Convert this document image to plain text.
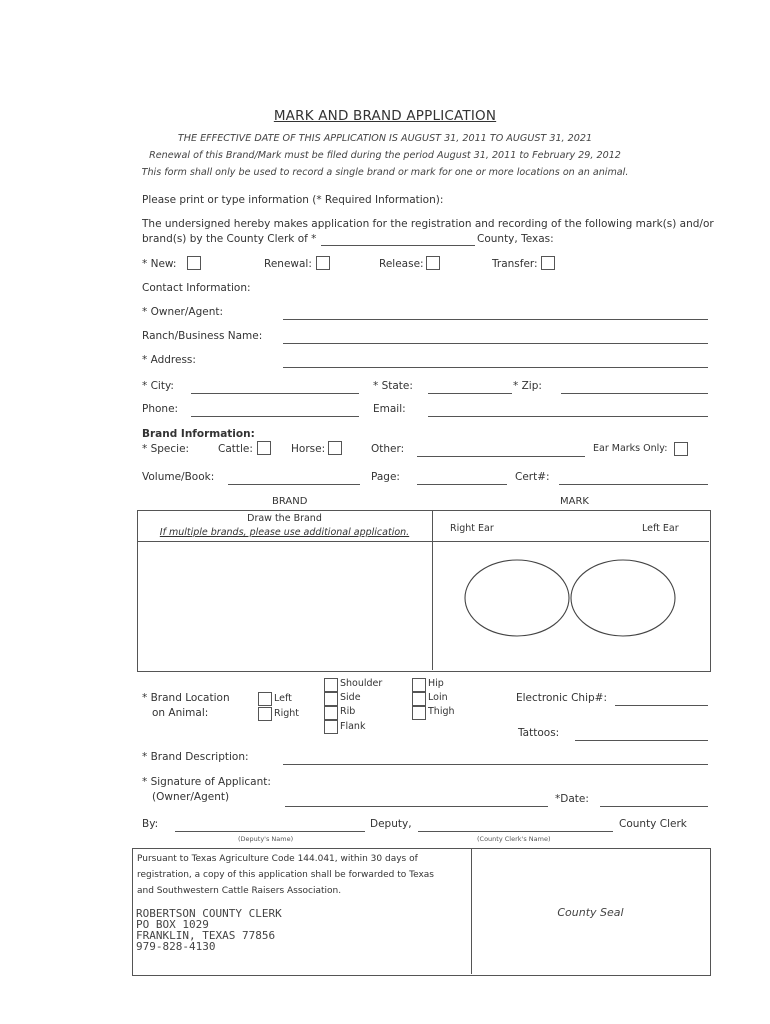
MARK AND BRAND APPLICATION
THE EFFECTIVE DATE OF THIS APPLICATION IS AUGUST 31, 2011 TO AUGUST 31, 2021
Renewal of this Brand/Mark must be filed during the period August 31, 2011 to February 29, 2012
This form shall only be used to record a single brand or mark for one or more locations on an animal.
Please print or type information (* Required Information):
The undersigned hereby makes application for the registration and recording of the following mark(s) and/or
brand(s) by the County Clerk of *	County, Texas:
* New:	Renewal:	Release:	Transfer:
Contact Information:
* Owner/Agent:
Ranch/Business Name:
* Address:
* City:	* State:	* Zip:
Phone:	Email:
Brand Information:
* Specie:	Cattle:	Horse:	Other:	Ear Marks Only:
Volume/Book:	Page:	Cert#:
BRAND	MARK
Draw the Brand
If multiple brands, please use additional application.	Right Ear	Left Ear
* Brand Location
on Animal:
Left
Right
Shoulder
Side
Rib
Flank
Hip
Loin
Thigh
Electronic Chip#:
Tattoos:
* Brand Description:
* Signature of Applicant:
(Owner/Agent)	*Date:
By:	Deputy,	County Clerk
(Deputy's Name)	(County Clerk's Name)
Pursuant to Texas Agriculture Code 144.041, within 30 days of
registration, a copy of this application shall be forwarded to Texas
and Southwestern Cattle Raisers Association.
ROBERTSON COUNTY CLERK
PO BOX 1029
FRANKLIN, TEXAS 77856
979-828-4130
County Seal
